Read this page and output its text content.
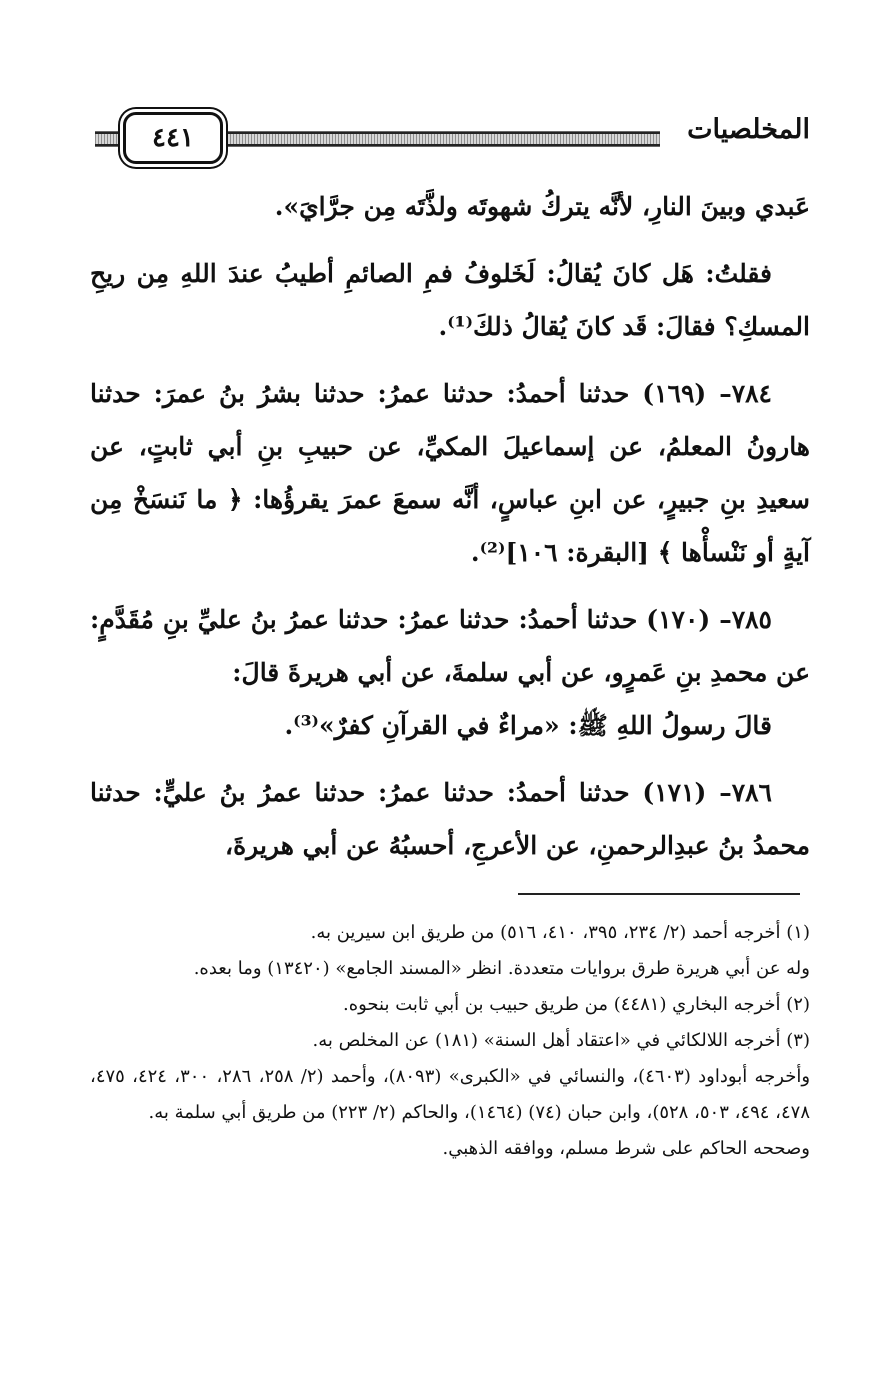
المخلصيات
٤٤١

عَبدي وبينَ النارِ، لأنَّه يتركُ شهوتَه ولذَّتَه مِن جرَّايَ».

فقلتُ: هَل كانَ يُقالُ: لَخَلوفُ فمِ الصائمِ أطيبُ عندَ اللهِ مِن ريحِ المسكِ؟ فقالَ: قَد كانَ يُقالُ ذلكَ⁽¹⁾.

٧٨٤– (١٦٩) حدثنا أحمدُ: حدثنا عمرُ: حدثنا بشرُ بنُ عمرَ: حدثنا هارونُ المعلمُ، عن إسماعيلَ المكيِّ، عن حبيبِ بنِ أبي ثابتٍ، عن سعيدِ بنِ جبيرٍ، عن ابنِ عباسٍ، أنَّه سمعَ عمرَ يقرؤُها: ﴿ ما نَنسَخْ مِن آيةٍ أو نَنْسأْها ﴾ [البقرة: ١٠٦]⁽²⁾.

٧٨٥– (١٧٠) حدثنا أحمدُ: حدثنا عمرُ: حدثنا عمرُ بنُ عليِّ بنِ مُقَدَّمٍ: عن محمدِ بنِ عَمرٍو، عن أبي سلمةَ، عن أبي هريرةَ قالَ:

قالَ رسولُ اللهِ ﷺ: «مراءٌ في القرآنِ كفرٌ»⁽³⁾.

٧٨٦– (١٧١) حدثنا أحمدُ: حدثنا عمرُ: حدثنا عمرُ بنُ عليٍّ: حدثنا محمدُ بنُ عبدِالرحمنِ، عن الأعرجِ، أحسبُهُ عن أبي هريرةَ،

(١) أخرجه أحمد (٢/ ٢٣٤، ٣٩٥، ٤١٠، ٥١٦) من طريق ابن سيرين به.

وله عن أبي هريرة طرق بروايات متعددة. انظر «المسند الجامع» (١٣٤٢٠) وما بعده.

(٢) أخرجه البخاري (٤٤٨١) من طريق حبيب بن أبي ثابت بنحوه.

(٣) أخرجه اللالكائي في «اعتقاد أهل السنة» (١٨١) عن المخلص به.

وأخرجه أبوداود (٤٦٠٣)، والنسائي في «الكبرى» (٨٠٩٣)، وأحمد (٢/ ٢٥٨، ٢٨٦، ٣٠٠، ٤٢٤، ٤٧٥، ٤٧٨، ٤٩٤، ٥٠٣، ٥٢٨)، وابن حبان (٧٤) (١٤٦٤)، والحاكم (٢/ ٢٢٣) من طريق أبي سلمة به.

وصححه الحاكم على شرط مسلم، ووافقه الذهبي.
